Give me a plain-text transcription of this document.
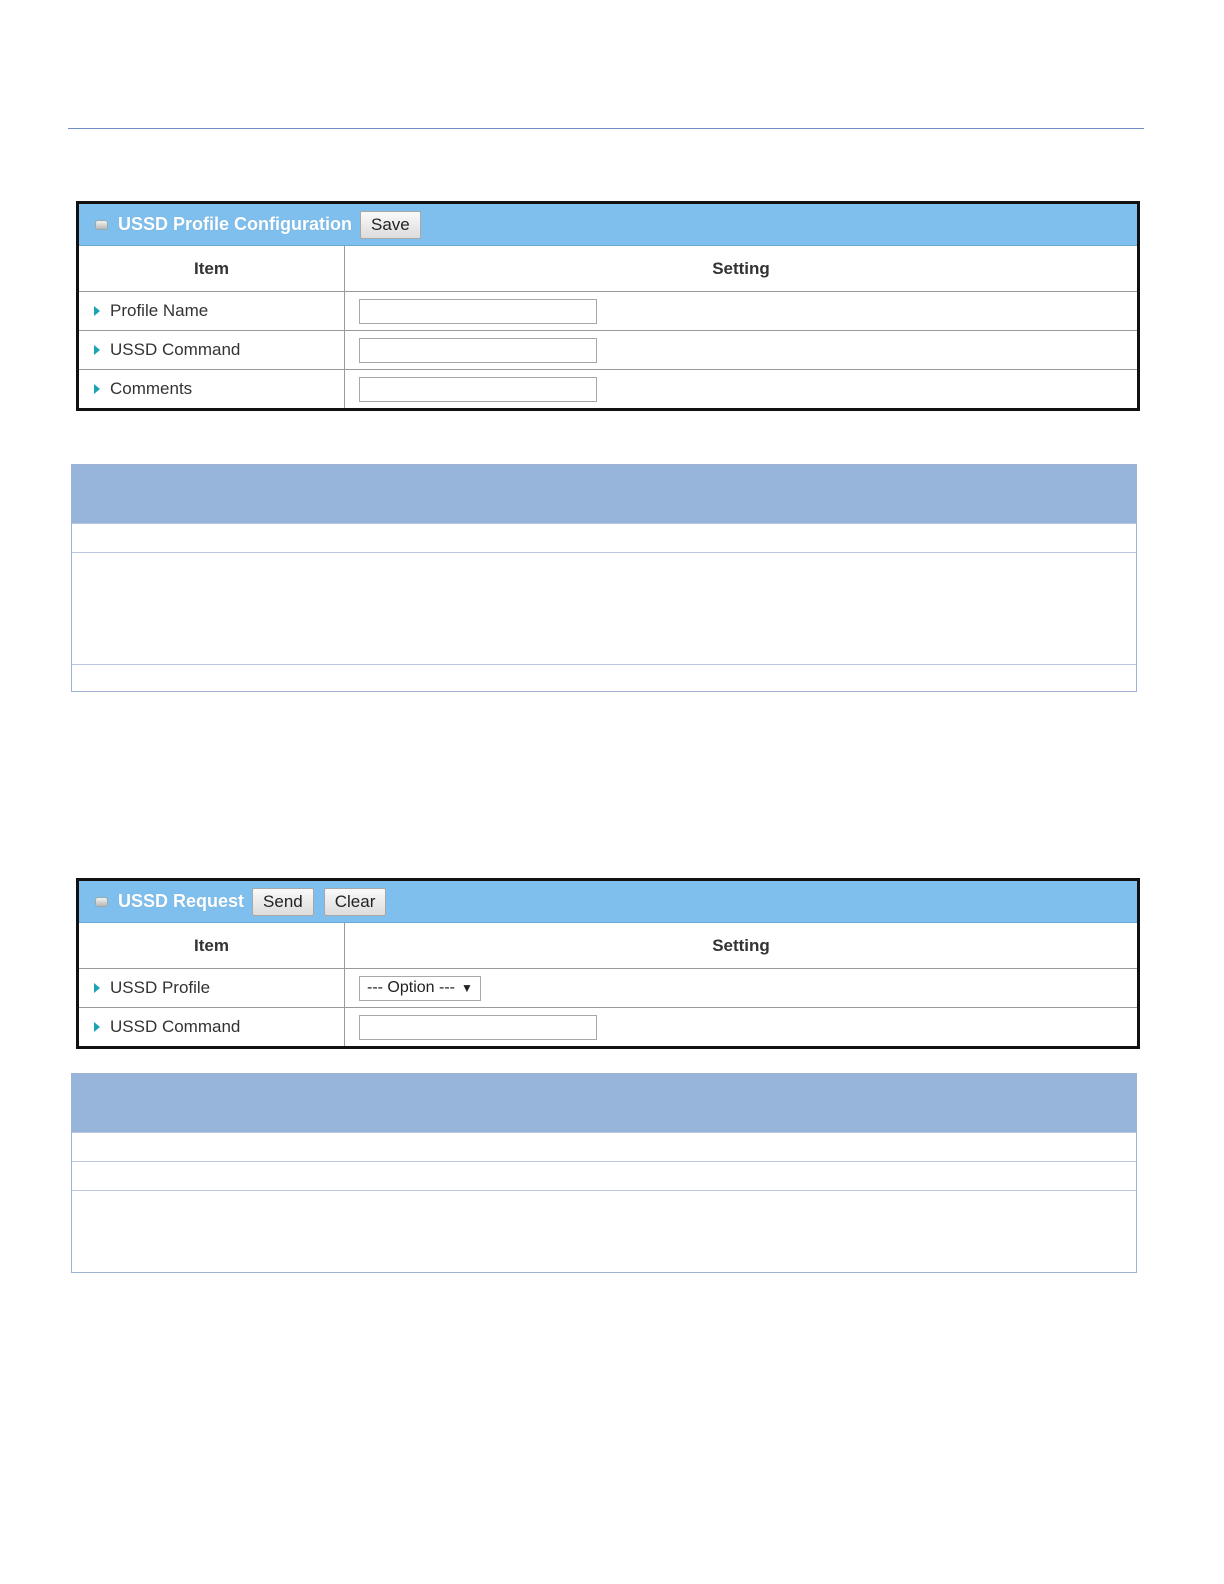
USSD Profile Configuration	Save
Item	Setting
Profile Name
USSD Command
Comments
USSD Request	Send	Clear
Item	Setting
USSD Profile	--- Option --- ▼
USSD Command
